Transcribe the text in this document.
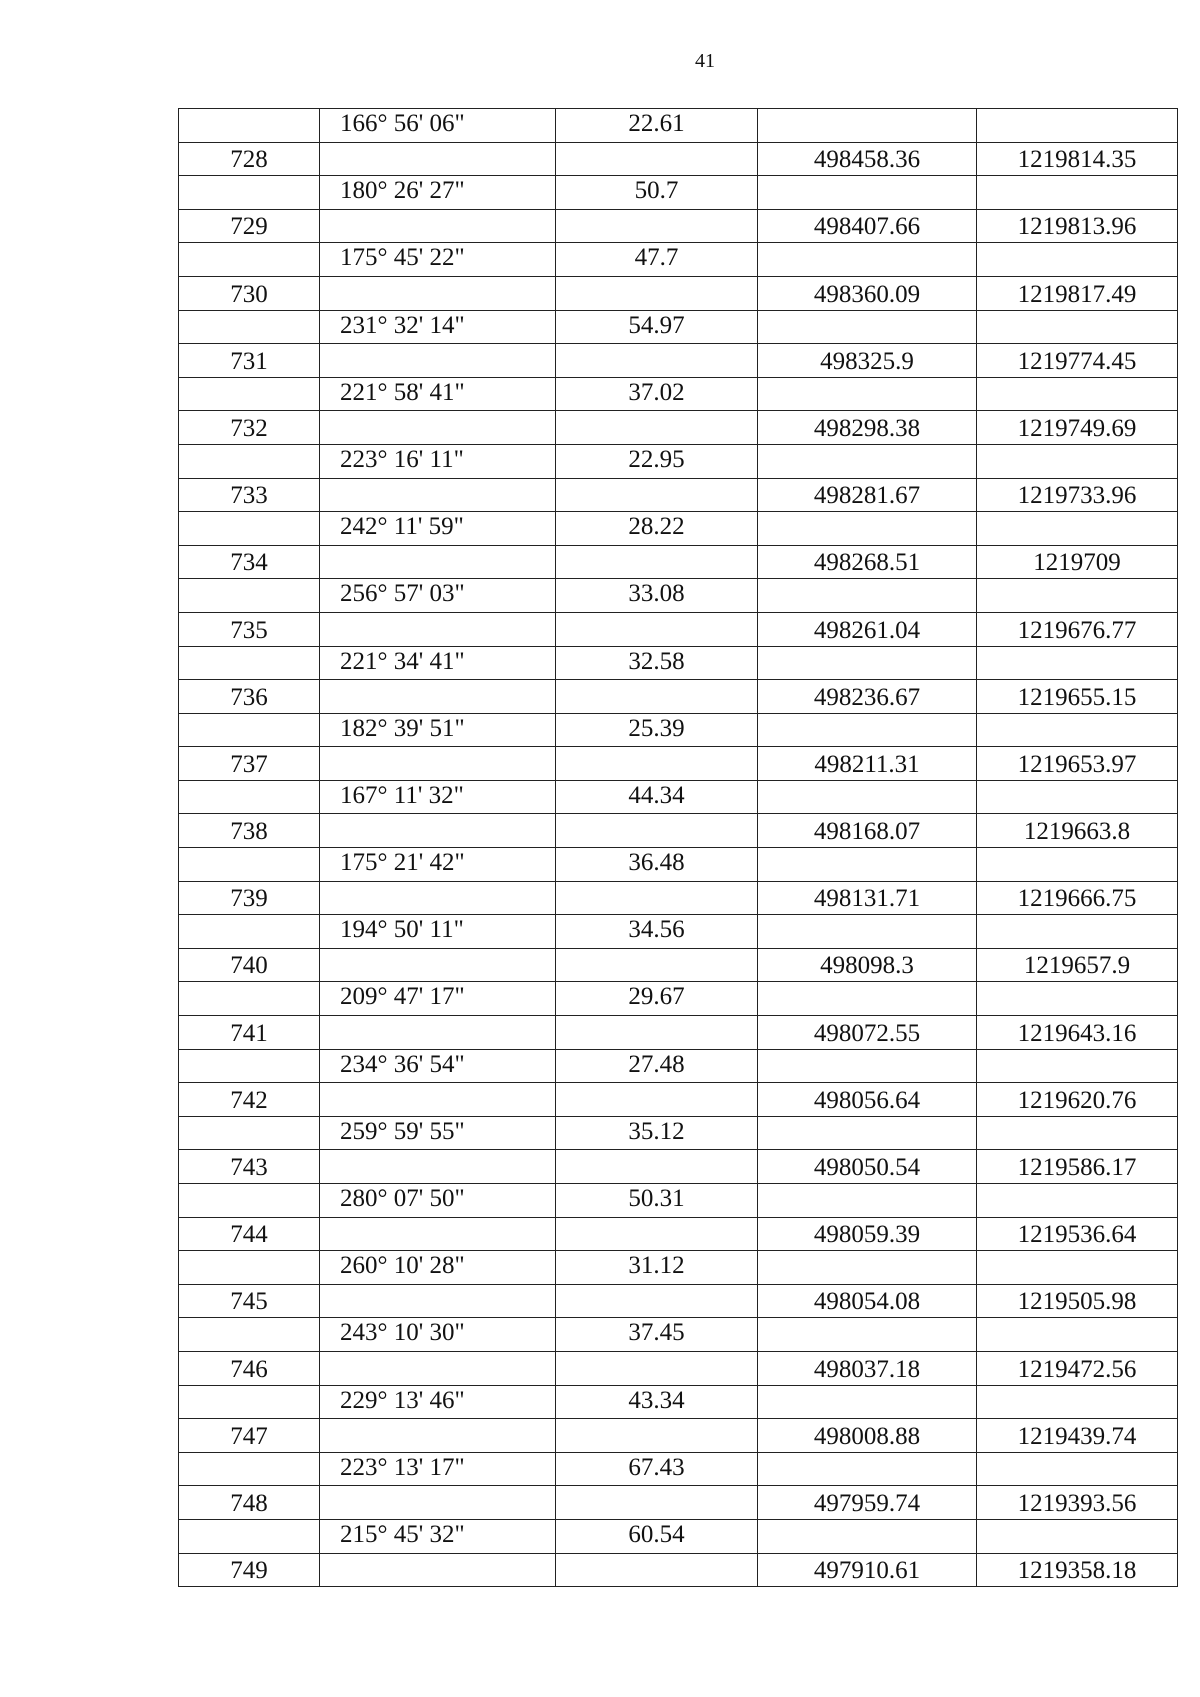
41
	166° 56' 06"	22.61		
728			498458.36	1219814.35
	180° 26' 27"	50.7		
729			498407.66	1219813.96
	175° 45' 22"	47.7		
730			498360.09	1219817.49
	231° 32' 14"	54.97		
731			498325.9	1219774.45
	221° 58' 41"	37.02		
732			498298.38	1219749.69
	223° 16' 11"	22.95		
733			498281.67	1219733.96
	242° 11' 59"	28.22		
734			498268.51	1219709
	256° 57' 03"	33.08		
735			498261.04	1219676.77
	221° 34' 41"	32.58		
736			498236.67	1219655.15
	182° 39' 51"	25.39		
737			498211.31	1219653.97
	167° 11' 32"	44.34		
738			498168.07	1219663.8
	175° 21' 42"	36.48		
739			498131.71	1219666.75
	194° 50' 11"	34.56		
740			498098.3	1219657.9
	209° 47' 17"	29.67		
741			498072.55	1219643.16
	234° 36' 54"	27.48		
742			498056.64	1219620.76
	259° 59' 55"	35.12		
743			498050.54	1219586.17
	280° 07' 50"	50.31		
744			498059.39	1219536.64
	260° 10' 28"	31.12		
745			498054.08	1219505.98
	243° 10' 30"	37.45		
746			498037.18	1219472.56
	229° 13' 46"	43.34		
747			498008.88	1219439.74
	223° 13' 17"	67.43		
748			497959.74	1219393.56
	215° 45' 32"	60.54		
749			497910.61	1219358.18
